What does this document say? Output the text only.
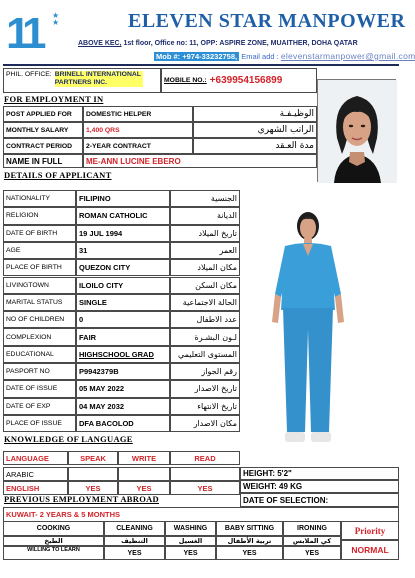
11 ★
★	ELEVEN STAR MANPOWER
ABOVE KEC, 1st floor, Office no: 11, OPP: ASPIRE ZONE, MUAITHER, DOHA QATAR
Mob #: +974-33232758, Email add : elevenstarmanpower@gmail.com
PHIL. OFFICE: BRINELL INTERNATIONAL PARTNERS INC.	MOBILE NO.: +639954156899
FOR EMPLOYMENT IN
POST APPLIED FOR	DOMESTIC HELPER	الوظيـفـة
MONTHLY SALARY	1,400 QRS	الراتب الشهري
CONTRACT PERIOD	2-YEAR CONTRACT	مدة العـقد
NAME IN FULL	ME-ANN LUCINE EBERO
DETAILS OF APPLICANT
NATIONALITY	FILIPINO	الجنسية
RELIGION	ROMAN CATHOLIC	الديانة
DATE OF BIRTH	19 JUL 1994	تاريخ الميلاد
AGE	31	العمر
PLACE OF BIRTH	QUEZON CITY	مكان الميلاد
LIVINGTOWN	ILOILO CITY	مكان السكن
MARITAL STATUS	SINGLE	الحالة الاجتماعية
NO OF CHILDREN	0	عدد الاطفال
COMPLEXION	FAIR	لـون البشـرة
EDUCATIONAL	HIGHSCHOOL GRAD	المستوى التعليمي
PASPORT NO	P9942379B	رقم الجواز
DATE OF ISSUE	05 MAY 2022	تاريخ الاصدار
DATE OF EXP	04 MAY 2032	تاريخ الانتهاء
PLACE OF ISSUE	DFA BACOLOD	مكان الاصدار
KNOWLEDGE OF LANGUAGE
LANGUAGE	SPEAK	WRITE	READ
ARABIC
ENGLISH	YES	YES	YES
HEIGHT: 5'2"
WEIGHT: 49 KG
DATE OF SELECTION:
PREVIOUS EMPLOYMENT ABROAD
KUWAIT- 2 YEARS & 5 MONTHS
COOKING	CLEANING	WASHING	BABY SITTING	IRONING
الطبخ	التنظيف	الغسيل	تربية الأطفال	كي الملابس
WILLING TO LEARN	YES	YES	YES	YES
Priority
NORMAL
